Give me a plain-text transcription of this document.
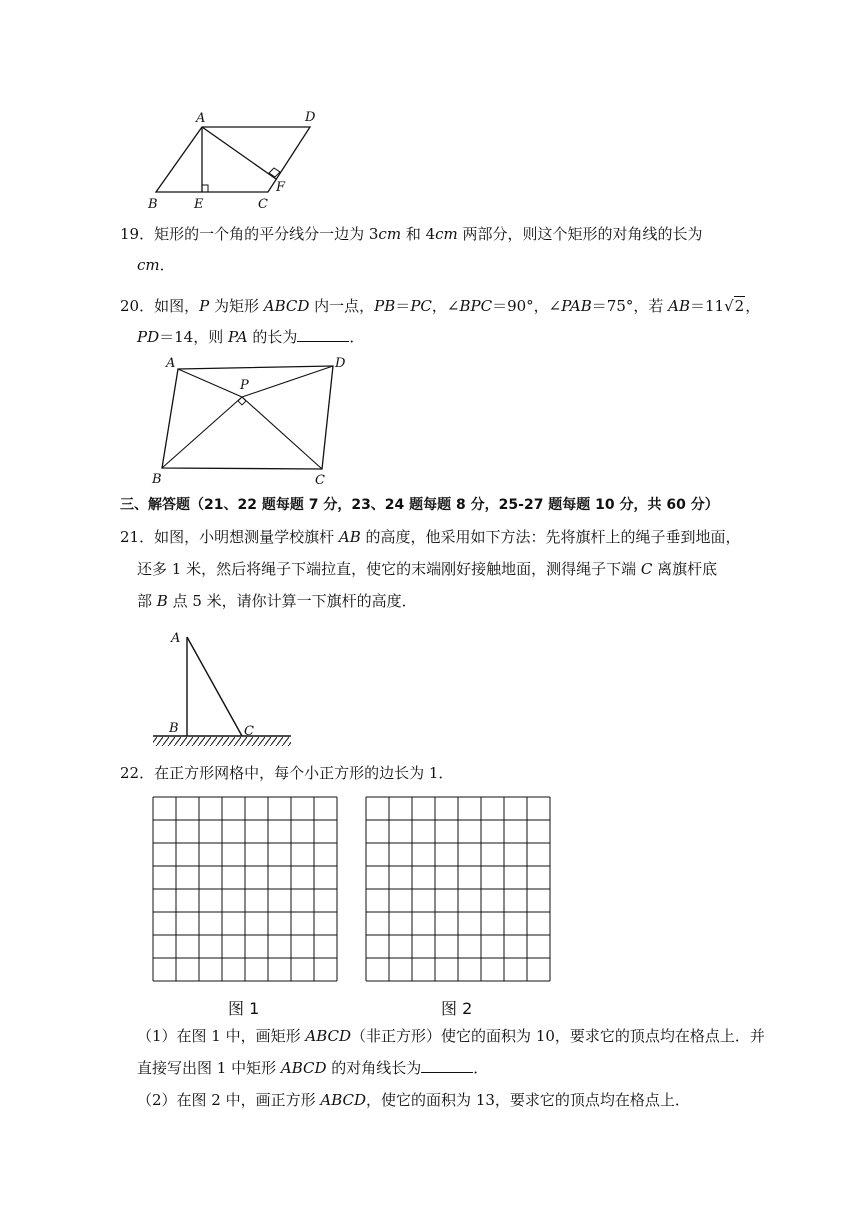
A	D
B	E	C
F
19．矩形的一个角的平分线分一边为 3cm 和 4cm 两部分，则这个矩形的对角线的长为
cm．
20．如图，P 为矩形 ABCD 内一点，PB＝PC，∠BPC＝90°，∠PAB＝75°，若 AB＝11√2，
PD＝14，则 PA 的长为	．
A	D
P
B	C
三、解答题（21、22 题每题 7 分，23、24 题每题 8 分，25-27 题每题 10 分，共 60 分）
21．如图，小明想测量学校旗杆 AB 的高度，他采用如下方法：先将旗杆上的绳子垂到地面，
还多 1 米，然后将绳子下端拉直，使它的末端刚好接触地面，测得绳子下端 C 离旗杆底
部 B 点 5 米，请你计算一下旗杆的高度．
A
B	C
22．在正方形网格中，每个小正方形的边长为 1．
图 1	图 2
（1）在图 1 中，画矩形 ABCD（非正方形）使它的面积为 10，要求它的顶点均在格点上．并
直接写出图 1 中矩形 ABCD 的对角线长为	．
（2）在图 2 中，画正方形 ABCD，使它的面积为 13，要求它的顶点均在格点上．
